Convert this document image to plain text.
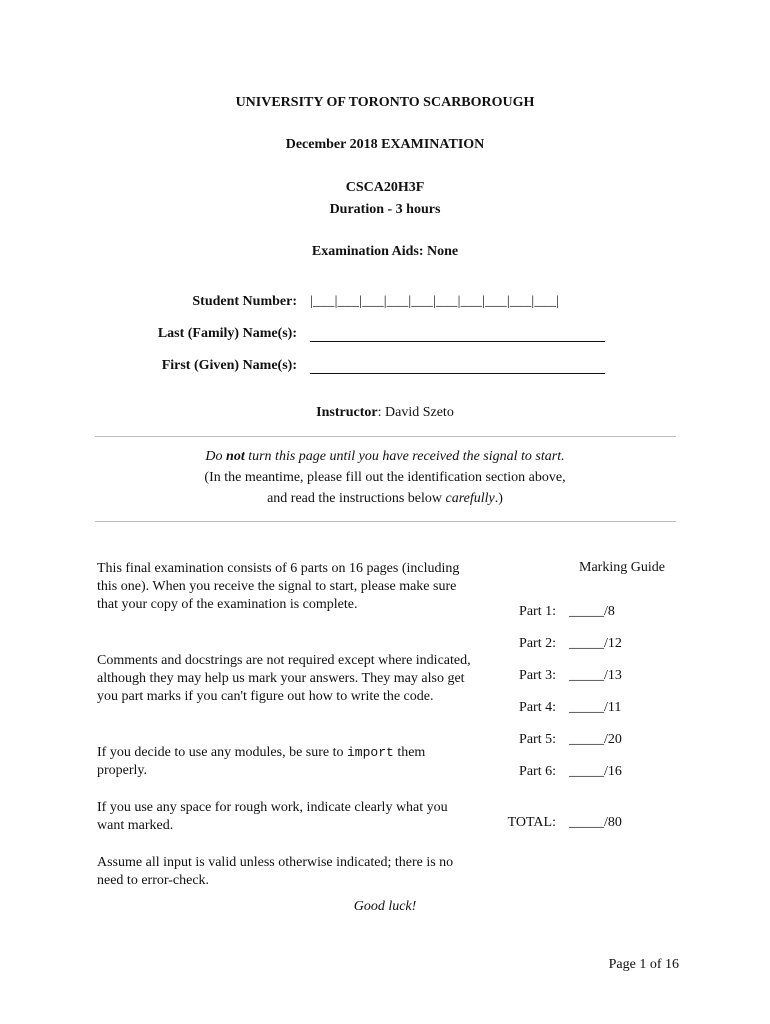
UNIVERSITY OF TORONTO SCARBOROUGH
December 2018 EXAMINATION
CSCA20H3F
Duration - 3 hours
Examination Aids: None
Student Number: |___|___|___|___|___|___|___|___|___|___|
Last (Family) Name(s):
First (Given) Name(s):
Instructor: David Szeto
Do not turn this page until you have received the signal to start.
(In the meantime, please fill out the identification section above,
and read the instructions below carefully.)
This final examination consists of 6 parts on 16 pages (including this one). When you receive the signal to start, please make sure that your copy of the examination is complete.
Comments and docstrings are not required except where indicated, although they may help us mark your answers. They may also get you part marks if you can't figure out how to write the code.
If you decide to use any modules, be sure to import them properly.
If you use any space for rough work, indicate clearly what you want marked.
Assume all input is valid unless otherwise indicated; there is no need to error-check.
Good luck!
Marking Guide
Part 1: _____/8
Part 2: _____/12
Part 3: _____/13
Part 4: _____/11
Part 5: _____/20
Part 6: _____/16
TOTAL: _____/80
Page 1 of 16
